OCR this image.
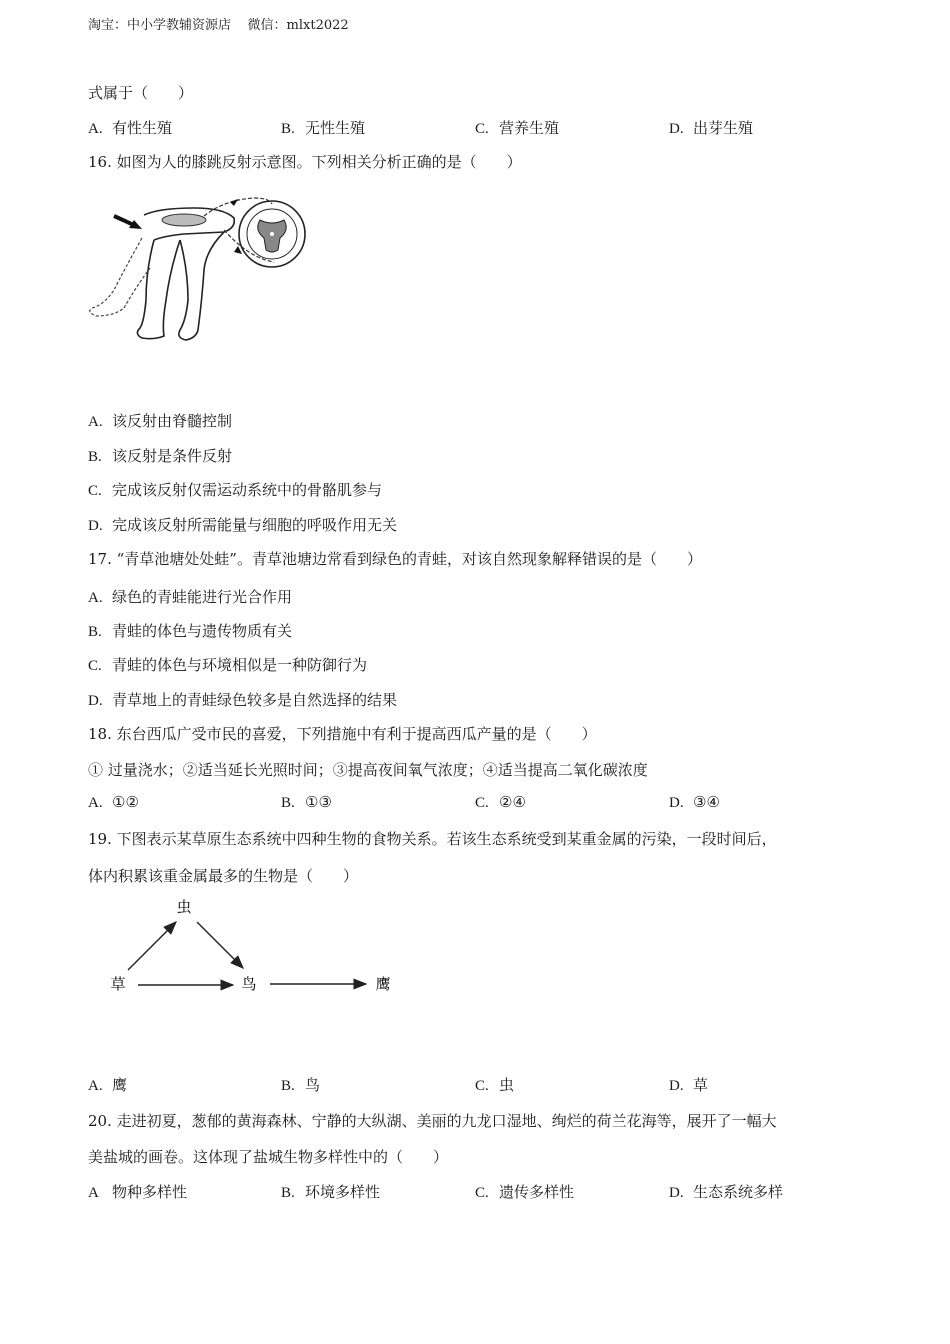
淘宝：中小学教辅资源店 微信：mlxt2022
式属于（　　）
A. 有性生殖	B. 无性生殖	C. 营养生殖	D. 出芽生殖
16. 如图为人的膝跳反射示意图。下列相关分析正确的是（　　）
A. 该反射由脊髓控制
B. 该反射是条件反射
C. 完成该反射仅需运动系统中的骨骼肌参与
D. 完成该反射所需能量与细胞的呼吸作用无关
17. “青草池塘处处蛙”。青草池塘边常看到绿色的青蛙，对该自然现象解释错误的是（　　）
A. 绿色的青蛙能进行光合作用
B. 青蛙的体色与遗传物质有关
C. 青蛙的体色与环境相似是一种防御行为
D. 青草地上的青蛙绿色较多是自然选择的结果
18. 东台西瓜广受市民的喜爱，下列措施中有利于提高西瓜产量的是（　　）
① 过量浇水；②适当延长光照时间；③提高夜间氧气浓度；④适当提高二氧化碳浓度
A. ①②	B. ①③	C. ②④	D. ③④
19. 下图表示某草原生态系统中四种生物的食物关系。若该生态系统受到某重金属的污染，一段时间后，
体内积累该重金属最多的生物是（　　）
虫
草	鸟	鹰
A. 鹰	B. 鸟	C. 虫	D. 草
20. 走进初夏，葱郁的黄海森林、宁静的大纵湖、美丽的九龙口湿地、绚烂的荷兰花海等，展开了一幅大
美盐城的画卷。这体现了盐城生物多样性中的（　　）
A 物种多样性	B. 环境多样性	C. 遗传多样性	D. 生态系统多样
